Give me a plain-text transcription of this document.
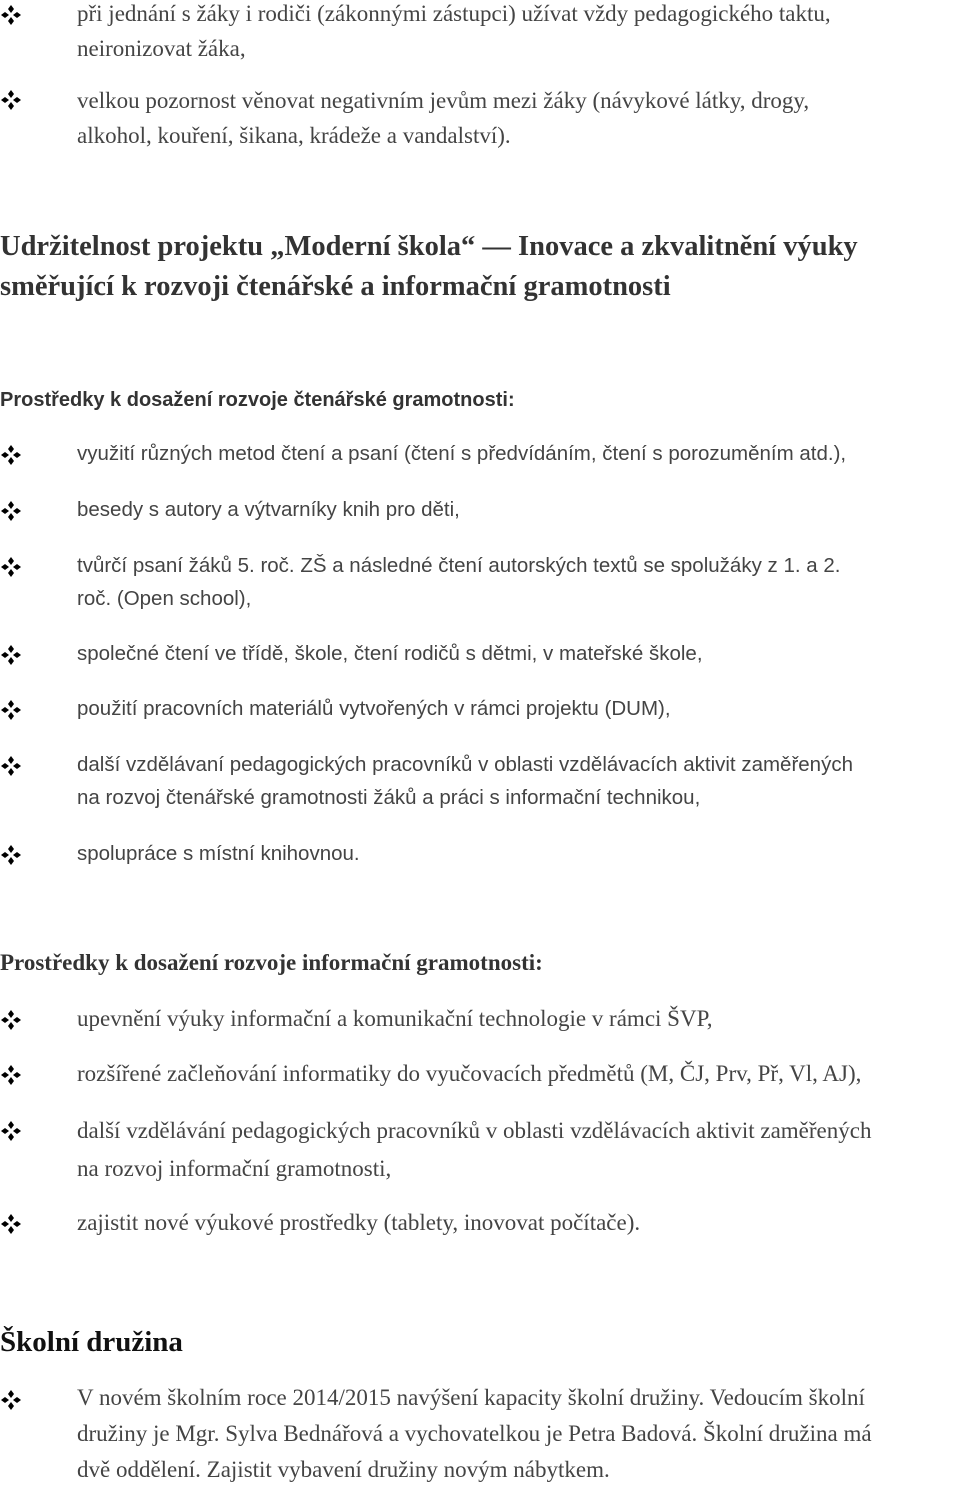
při jednání s žáky i rodiči (zákonnými zástupci) užívat vždy pedagogického taktu,
neironizovat žáka,
velkou pozornost věnovat negativním jevům mezi žáky (návykové látky, drogy,
alkohol, kouření, šikana, krádeže a vandalství).
Udržitelnost projektu „Moderní škola“ — Inovace a zkvalitnění výuky
směřující k rozvoji čtenářské a informační gramotnosti
Prostředky k dosažení rozvoje čtenářské gramotnosti:
využití různých metod čtení a psaní (čtení s předvídáním, čtení s porozuměním atd.),
besedy s autory a výtvarníky knih pro děti,
tvůrčí psaní žáků 5. roč. ZŠ a následné čtení autorských textů se spolužáky z 1. a 2.
roč. (Open school),
společné čtení ve třídě, škole, čtení rodičů s dětmi, v mateřské škole,
použití pracovních materiálů vytvořených v rámci projektu (DUM),
další vzdělávaní pedagogických pracovníků v oblasti vzdělávacích aktivit zaměřených
na rozvoj čtenářské gramotnosti žáků a práci s informační technikou,
spolupráce s místní knihovnou.
Prostředky k dosažení rozvoje informační gramotnosti:
upevnění výuky informační a komunikační technologie v rámci ŠVP,
rozšířené začleňování informatiky do vyučovacích předmětů (M, ČJ, Prv, Př, Vl, AJ),
další vzdělávání pedagogických pracovníků v oblasti vzdělávacích aktivit zaměřených
na rozvoj informační gramotnosti,
zajistit nové výukové prostředky (tablety, inovovat počítače).
Školní družina
V novém školním roce 2014/2015 navýšení kapacity školní družiny. Vedoucím školní
družiny je Mgr. Sylva Bednářová a vychovatelkou je Petra Badová. Školní družina má
dvě oddělení. Zajistit vybavení družiny novým nábytkem.
